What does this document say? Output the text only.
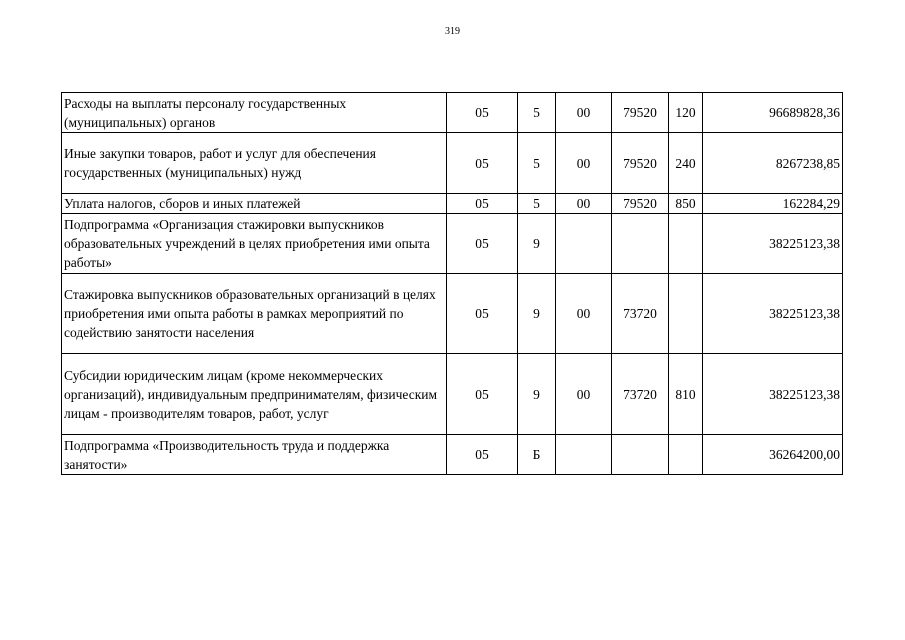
319
Расходы на выплаты персоналу государственных (муниципальных) органов	05	5	00	79520	120	96689828,36
Иные закупки товаров, работ и услуг для обеспечения государственных (муниципальных) нужд	05	5	00	79520	240	8267238,85
Уплата налогов, сборов и иных платежей	05	5	00	79520	850	162284,29
Подпрограмма «Организация стажировки выпускников образовательных учреждений в целях приобретения ими опыта работы»	05	9				38225123,38
Стажировка выпускников образовательных организаций в целях приобретения ими опыта работы в рамках мероприятий по содействию занятости населения	05	9	00	73720		38225123,38
Субсидии юридическим лицам (кроме некоммерческих организаций), индивидуальным предпринимателям, физическим лицам - производителям товаров, работ, услуг	05	9	00	73720	810	38225123,38
Подпрограмма «Производительность труда и поддержка занятости»	05	Б				36264200,00
